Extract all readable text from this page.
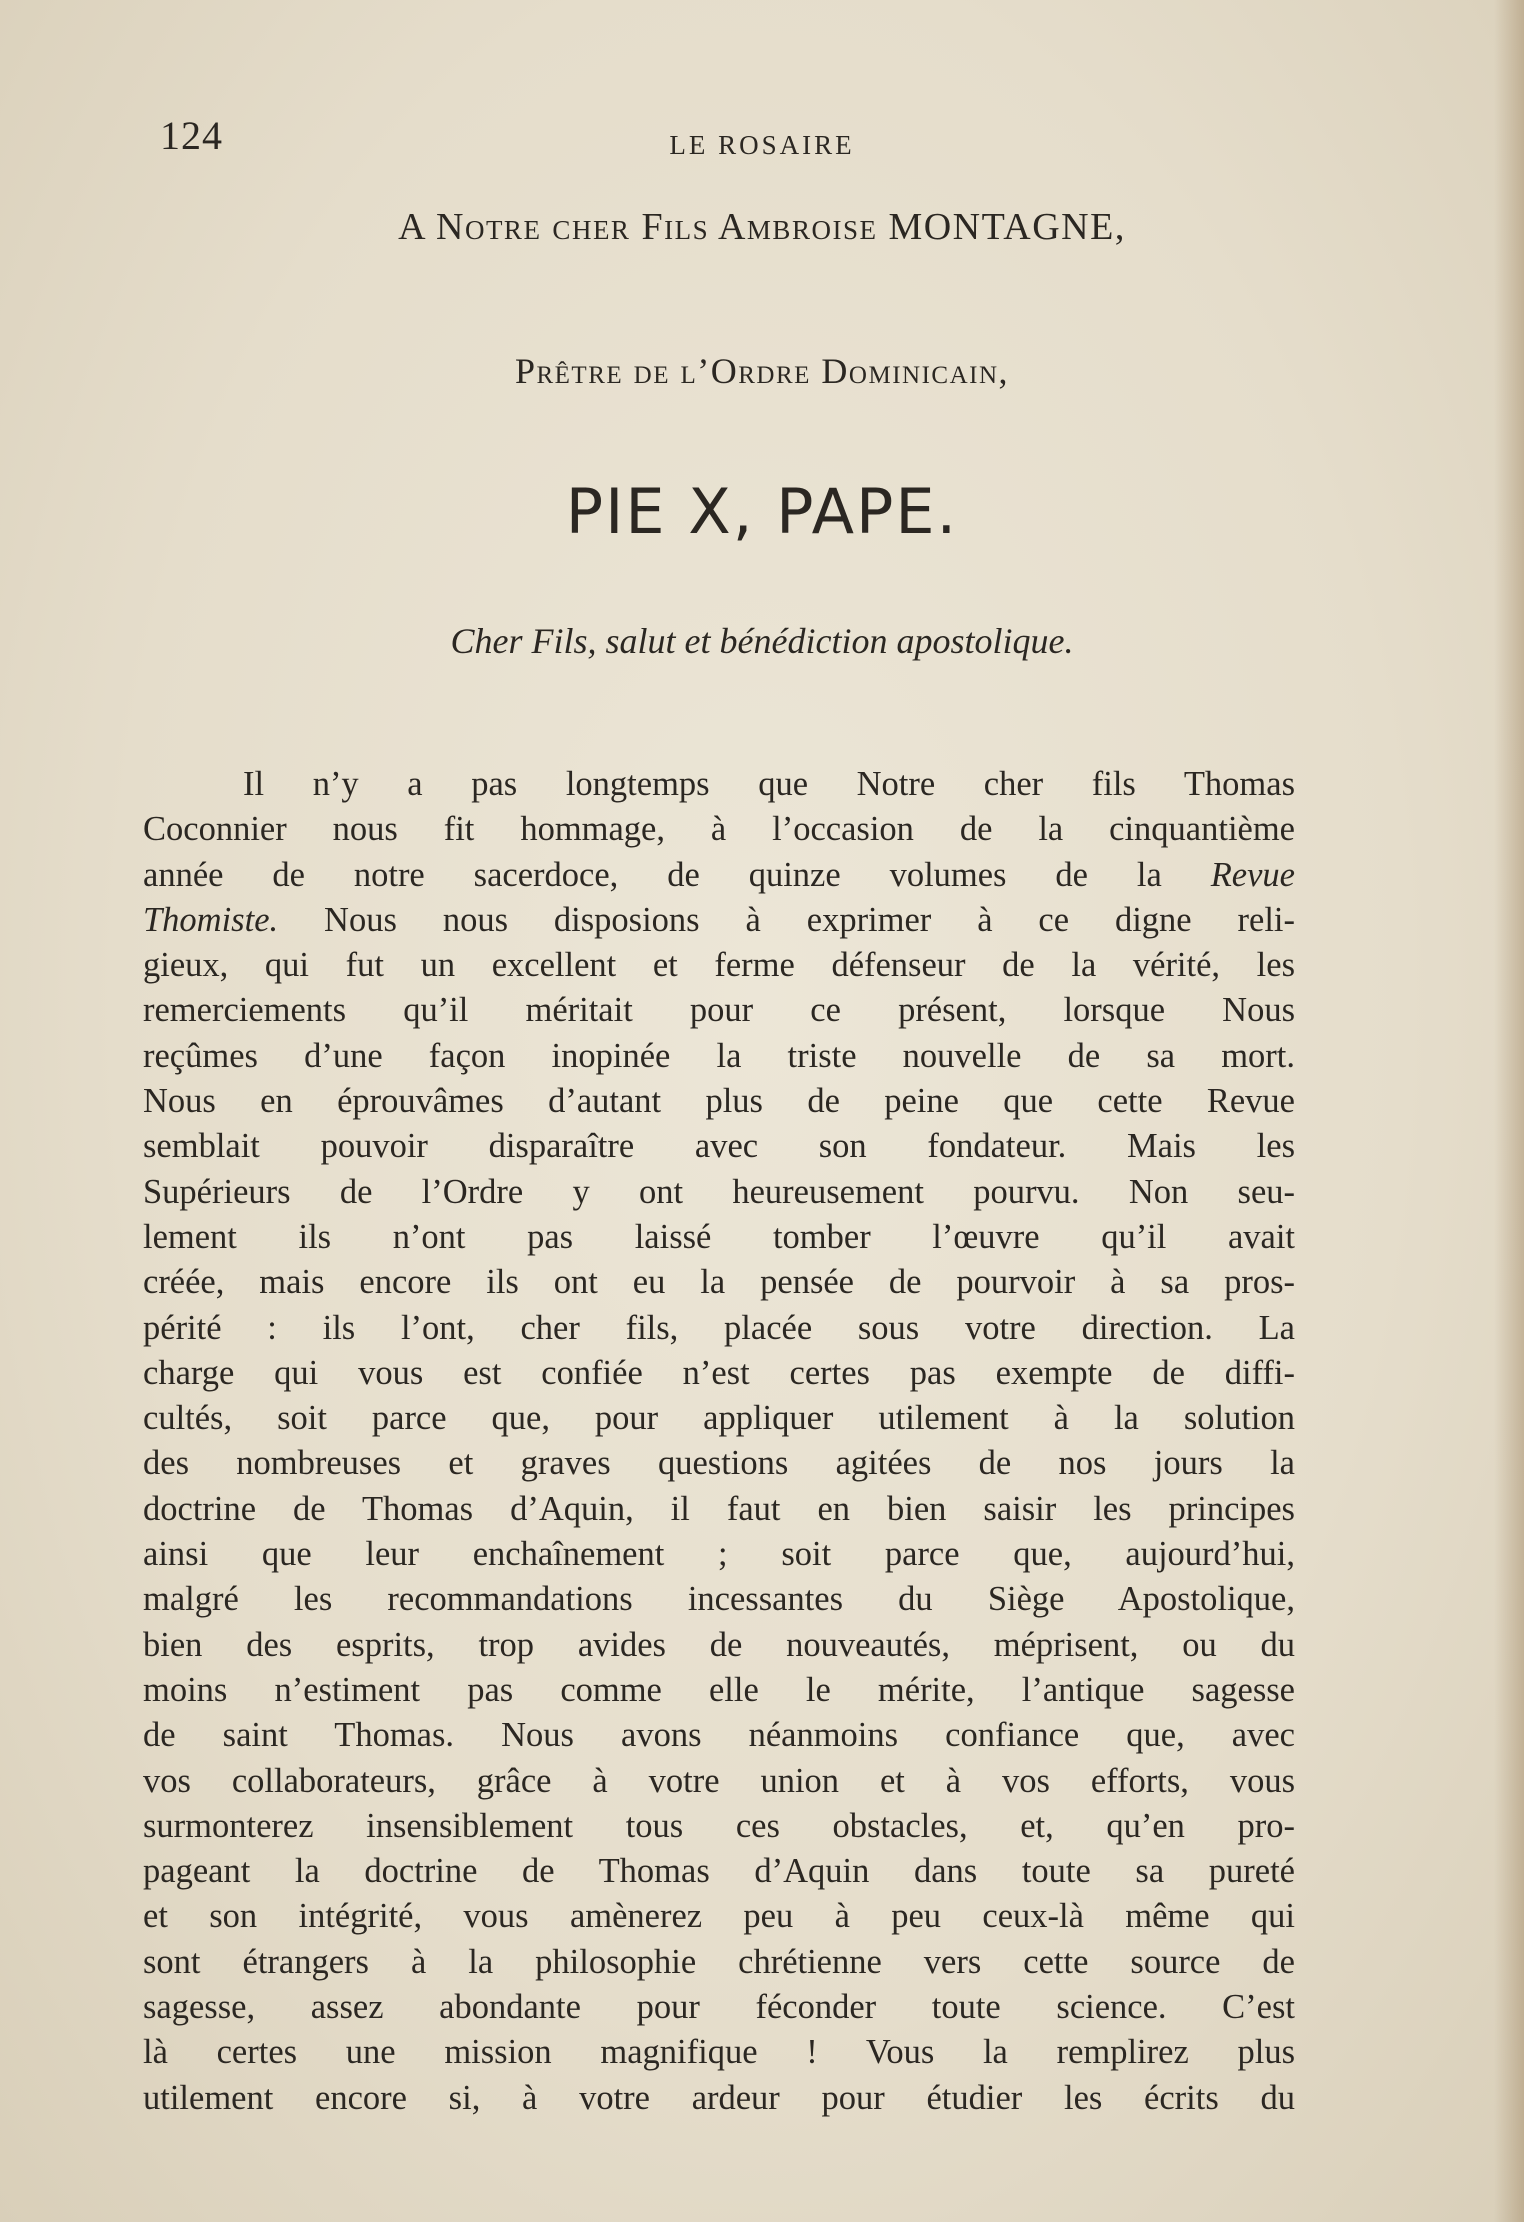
124	LE ROSAIRE
A Notre cher Fils Ambroise MONTAGNE,
Prêtre de l’Ordre Dominicain,
PIE X, PAPE.
Cher Fils, salut et bénédiction apostolique.
Il n’y a pas longtemps que Notre cher fils Thomas
Coconnier nous fit hommage, à l’occasion de la cinquantième
année de notre sacerdoce, de quinze volumes de la Revue
Thomiste. Nous nous disposions à exprimer à ce digne reli-
gieux, qui fut un excellent et ferme défenseur de la vérité, les
remerciements qu’il méritait pour ce présent, lorsque Nous
reçûmes d’une façon inopinée la triste nouvelle de sa mort.
Nous en éprouvâmes d’autant plus de peine que cette Revue
semblait pouvoir disparaître avec son fondateur. Mais les
Supérieurs de l’Ordre y ont heureusement pourvu. Non seu-
lement ils n’ont pas laissé tomber l’œuvre qu’il avait
créée, mais encore ils ont eu la pensée de pourvoir à sa pros-
périté : ils l’ont, cher fils, placée sous votre direction. La
charge qui vous est confiée n’est certes pas exempte de diffi-
cultés, soit parce que, pour appliquer utilement à la solution
des nombreuses et graves questions agitées de nos jours la
doctrine de Thomas d’Aquin, il faut en bien saisir les principes
ainsi que leur enchaînement ; soit parce que, aujourd’hui,
malgré les recommandations incessantes du Siège Apostolique,
bien des esprits, trop avides de nouveautés, méprisent, ou du
moins n’estiment pas comme elle le mérite, l’antique sagesse
de saint Thomas. Nous avons néanmoins confiance que, avec
vos collaborateurs, grâce à votre union et à vos efforts, vous
surmonterez insensiblement tous ces obstacles, et, qu’en pro-
pageant la doctrine de Thomas d’Aquin dans toute sa pureté
et son intégrité, vous amènerez peu à peu ceux-là même qui
sont étrangers à la philosophie chrétienne vers cette source de
sagesse, assez abondante pour féconder toute science. C’est
là certes une mission magnifique ! Vous la remplirez plus
utilement encore si, à votre ardeur pour étudier les écrits du
